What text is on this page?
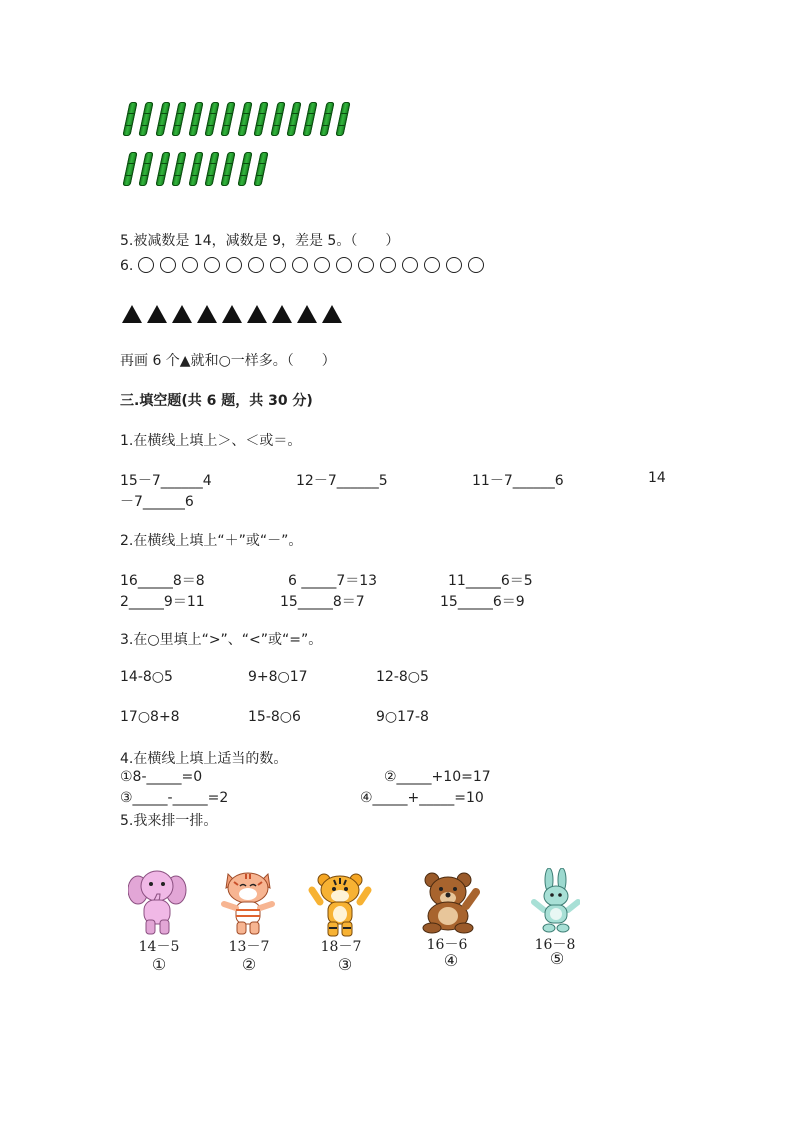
5.被减数是 14，减数是 9，差是 5。（　　）
6.
再画 6 个▲就和○一样多。（　　）
三.填空题(共 6 题，共 30 分)
1.在横线上填上＞、＜或＝。
15－7______4	12－7______5	11－7______6	14
－7______6
2.在横线上填上“＋”或“－”。
16_____8＝8	6 _____7＝13	11_____6＝5
2_____9＝11	15_____8＝7	15_____6＝9
3.在○里填上“>”、“<”或“=”。
14-8○5	9+8○17	12-8○5
17○8+8	15-8○6	9○17-8
4.在横线上填上适当的数。
①8-_____=0	②_____+10=17
③_____-_____=2	④_____+_____=10
5.我来排一排。
14－5
①
13－7
②
18－7
③
16－6
④
16－8
⑤
